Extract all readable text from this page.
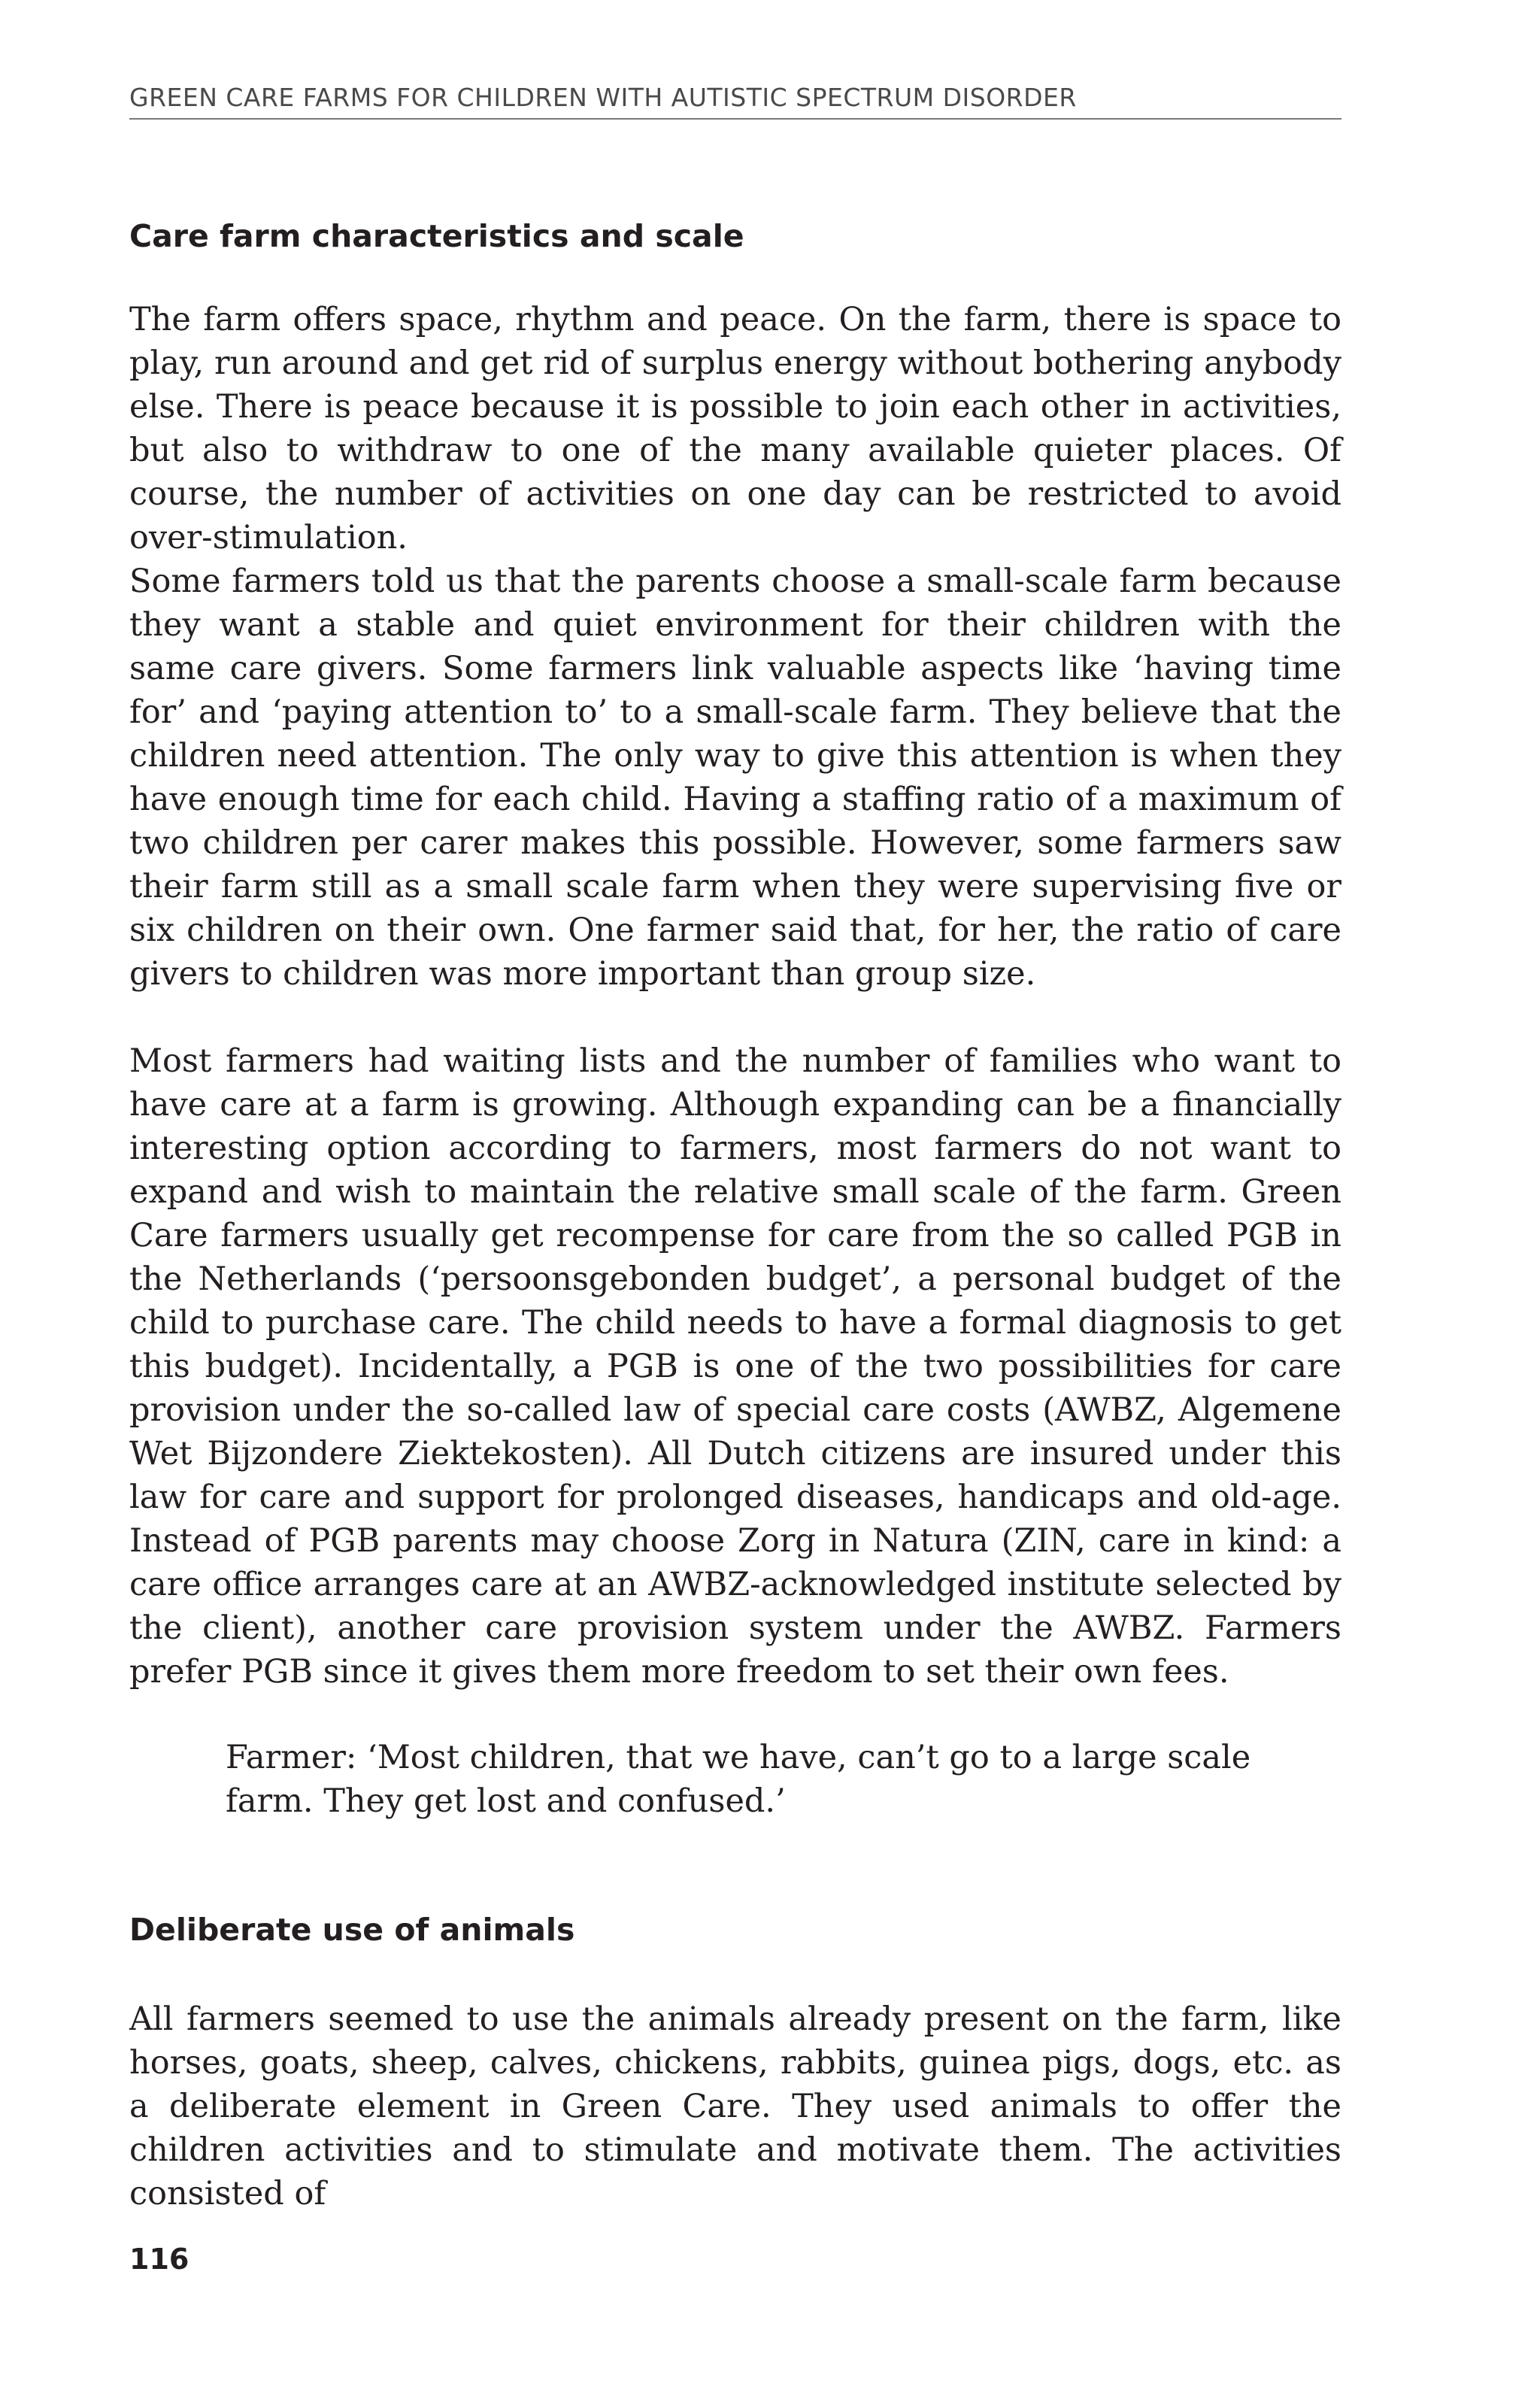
GREEN CARE FARMS FOR CHILDREN WITH AUTISTIC SPECTRUM DISORDER
Care farm characteristics and scale

The farm offers space, rhythm and peace. On the farm, there is space to play, run around and get rid of surplus energy without bothering anybody else. There is peace because it is possible to join each other in activities, but also to withdraw to one of the many available quieter places. Of course, the number of activities on one day can be restricted to avoid over-stimulation.

Some farmers told us that the parents choose a small-scale farm because they want a stable and quiet environment for their children with the same care givers. Some farmers link valuable aspects like ‘having time for’ and ‘paying attention to’ to a small-scale farm. They believe that the children need attention. The only way to give this attention is when they have enough time for each child. Having a staffing ratio of a maximum of two children per carer makes this possible. However, some farmers saw their farm still as a small scale farm when they were supervising five or six children on their own. One farmer said that, for her, the ratio of care givers to children was more important than group size.

Most farmers had waiting lists and the number of families who want to have care at a farm is growing. Although expanding can be a financially interesting option according to farmers, most farmers do not want to expand and wish to maintain the relative small scale of the farm. Green Care farmers usually get recompense for care from the so called PGB in the Netherlands (‘persoonsgebonden budget’, a personal budget of the child to purchase care. The child needs to have a formal diagnosis to get this budget). Incidentally, a PGB is one of the two possibilities for care provision under the so-called law of special care costs (AWBZ, Algemene Wet Bijzondere Ziektekosten). All Dutch citizens are insured under this law for care and support for prolonged diseases, handicaps and old-age. Instead of PGB parents may choose Zorg in Natura (ZIN, care in kind: a care office arranges care at an AWBZ-acknowledged institute selected by the client), another care provision system under the AWBZ. Farmers prefer PGB since it gives them more freedom to set their own fees.

Farmer: ‘Most children, that we have, can’t go to a large scale farm. They get lost and confused.’

Deliberate use of animals

All farmers seemed to use the animals already present on the farm, like horses, goats, sheep, calves, chickens, rabbits, guinea pigs, dogs, etc. as a deliberate element in Green Care. They used animals to offer the children activities and to stimulate and motivate them. The activities consisted of

116
